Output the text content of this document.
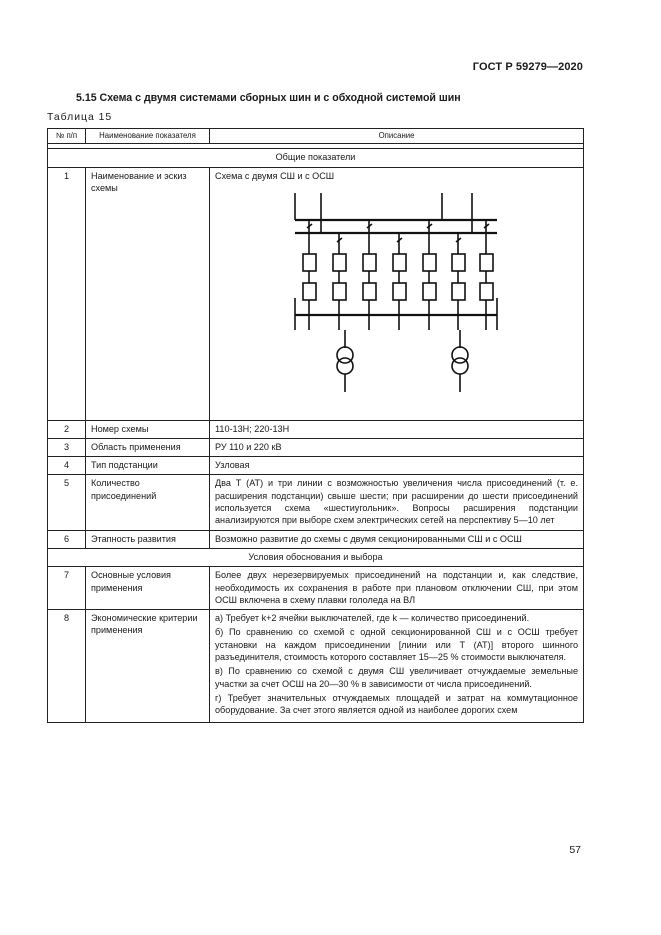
ГОСТ Р 59279—2020
5.15 Схема с двумя системами сборных шин и с обходной системой шин
Таблица 15
№ п/п	Наименование показателя	Описание

Общие показатели		
1	Наименование и эскиз схемы	Схема с двумя СШ и с ОСШ

2	Номер схемы	110-13Н; 220-13Н
3	Область применения	РУ 110 и 220 кВ
4	Тип подстанции	Узловая
5	Количество присоединений	Два Т (АТ) и три линии с возможностью увеличения числа присоединений (т. е. расширения подстанции) свыше шести; при расширении до шести присоединений используется схема «шестиугольник». Вопросы расширения подстанции анализируются при выборе схем электрических сетей на перспективу 5—10 лет
6	Этапность развития	Возможно развитие до схемы с двумя секционированными СШ и с ОСШ
Условия обоснования и выбора		
7	Основные условия применения	Более двух нерезервируемых присоединений на подстанции и, как следствие, необходимость их сохранения в работе при плановом отключении СШ, при этом ОСШ включена в схему плавки гололеда на ВЛ
8	Экономические критерии применения	а) Требует k+2 ячейки выключателей, где k — количество присоединений.
б) По сравнению со схемой с одной секционированной СШ и с ОСШ требует установки на каждом присоединении [линии или Т (АТ)] второго шинного разъединителя, стоимость которого составляет 15—25 % стоимости выключателя.
в) По сравнению со схемой с двумя СШ увеличивает отчуждаемые земельные участки за счет ОСШ на 20—30 % в зависимости от числа присоединений.
г) Требует значительных отчуждаемых площадей и затрат на коммутационное оборудование. За счет этого является одной из наиболее дорогих схем
57
